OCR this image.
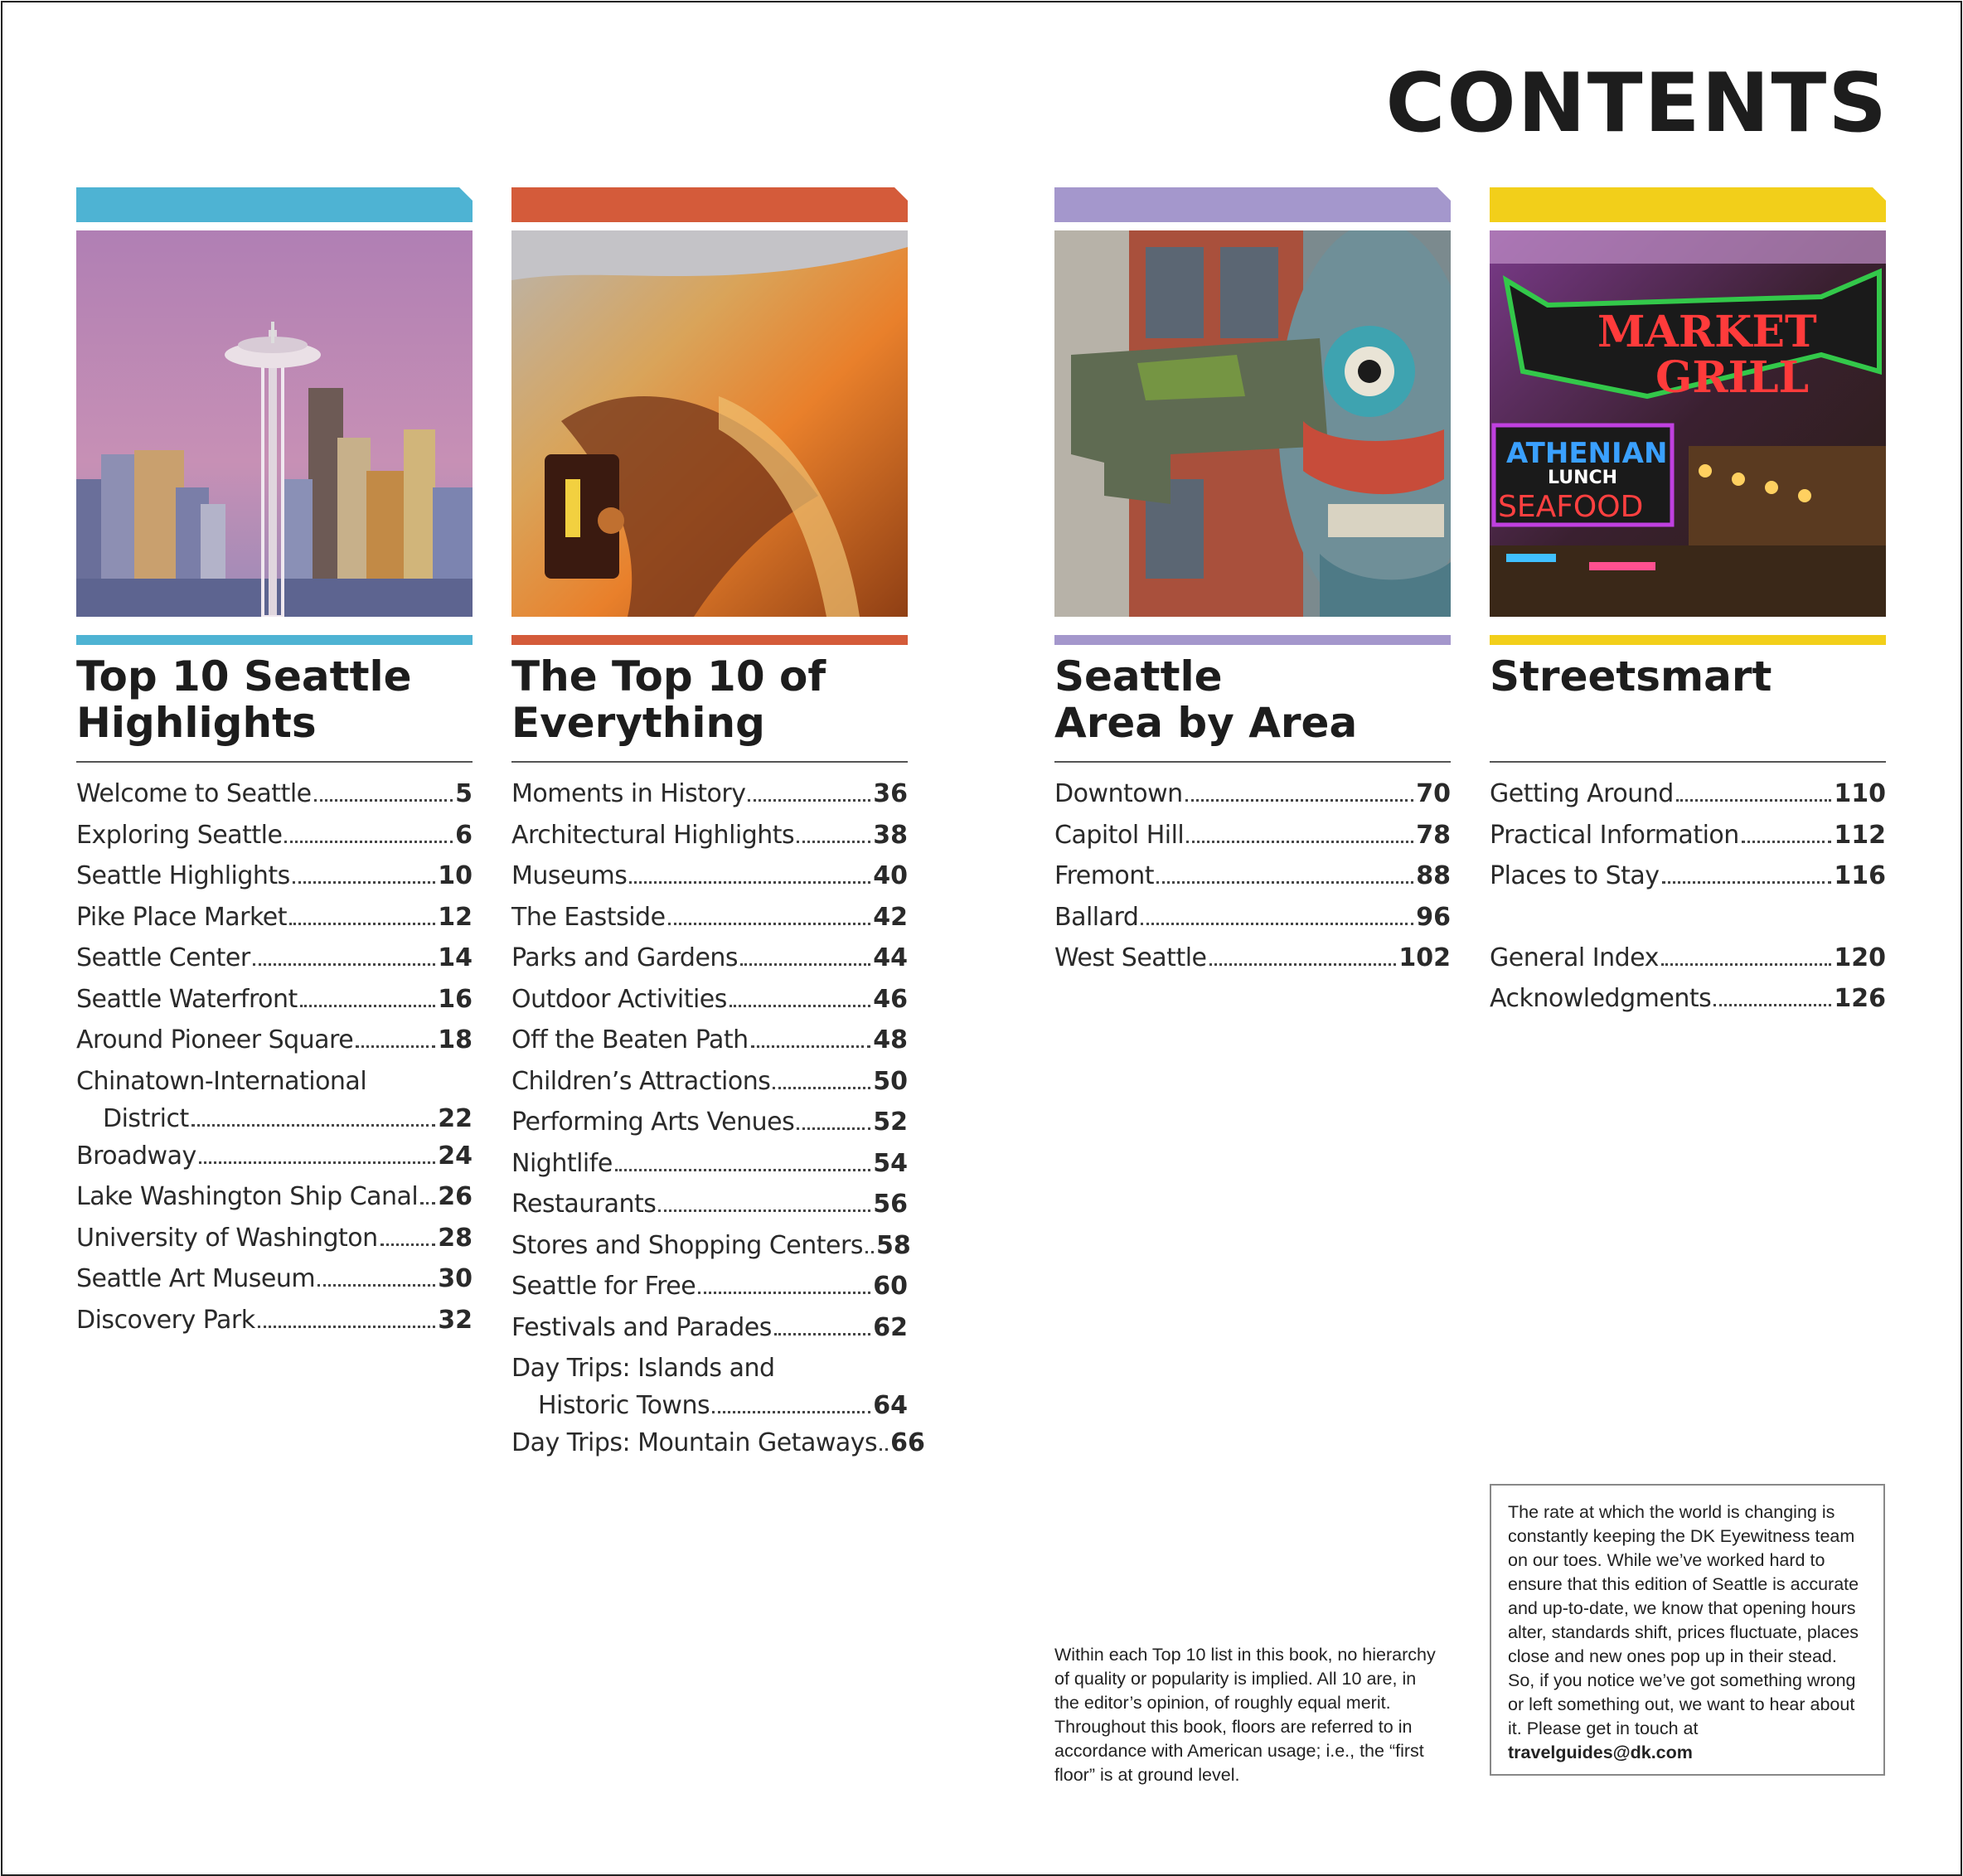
CONTENTS
Top 10 Seattle
Highlights
Welcome to Seattle	5
Exploring Seattle	6
Seattle Highlights	10
Pike Place Market	12
Seattle Center	14
Seattle Waterfront	16
Around Pioneer Square	18
Chinatown-International
District	22
Broadway	24
Lake Washington Ship Canal 26
University of Washington 28
Seattle Art Museum	30
Discovery Park	32
The Top 10 of
Everything
Moments in History	36
Architectural Highlights	38
Museums	40
The Eastside	42
Parks and Gardens	44
Outdoor Activities	46
Off the Beaten Path	48
Children’s Attractions	50
Performing Arts Venues	52
Nightlife	54
Restaurants	56
Stores and Shopping Centers 58
Seattle for Free	60
Festivals and Parades	62
Day Trips: Islands and
Historic Towns	64
Day Trips: Mountain Getaways 66
Seattle
Area by Area
Downtown	70
Capitol Hill	78
Fremont	88
Ballard	96
West Seattle	102
MARKET
GRILL
ATHENIAN
LUNCH
SEAFOOD
Streetsmart

Getting Around	110
Practical Information	112
Places to Stay	116
General Index	120
Acknowledgments	126

Within each Top 10 list in this book, no hierarchy of quality or popularity is implied. All 10 are, in the editor’s opinion, of roughly equal merit. Throughout this book, floors are referred to in accordance with American usage; i.e., the “first floor” is at ground level.

The rate at which the world is changing is constantly keeping the DK Eyewitness team on our toes. While we’ve worked hard to ensure that this edition of Seattle is accurate and up-to-date, we know that opening hours alter, standards shift, prices fluctuate, places close and new ones pop up in their stead. So, if you notice we’ve got something wrong or left something out, we want to hear about it. Please get in touch at travelguides@dk.com
